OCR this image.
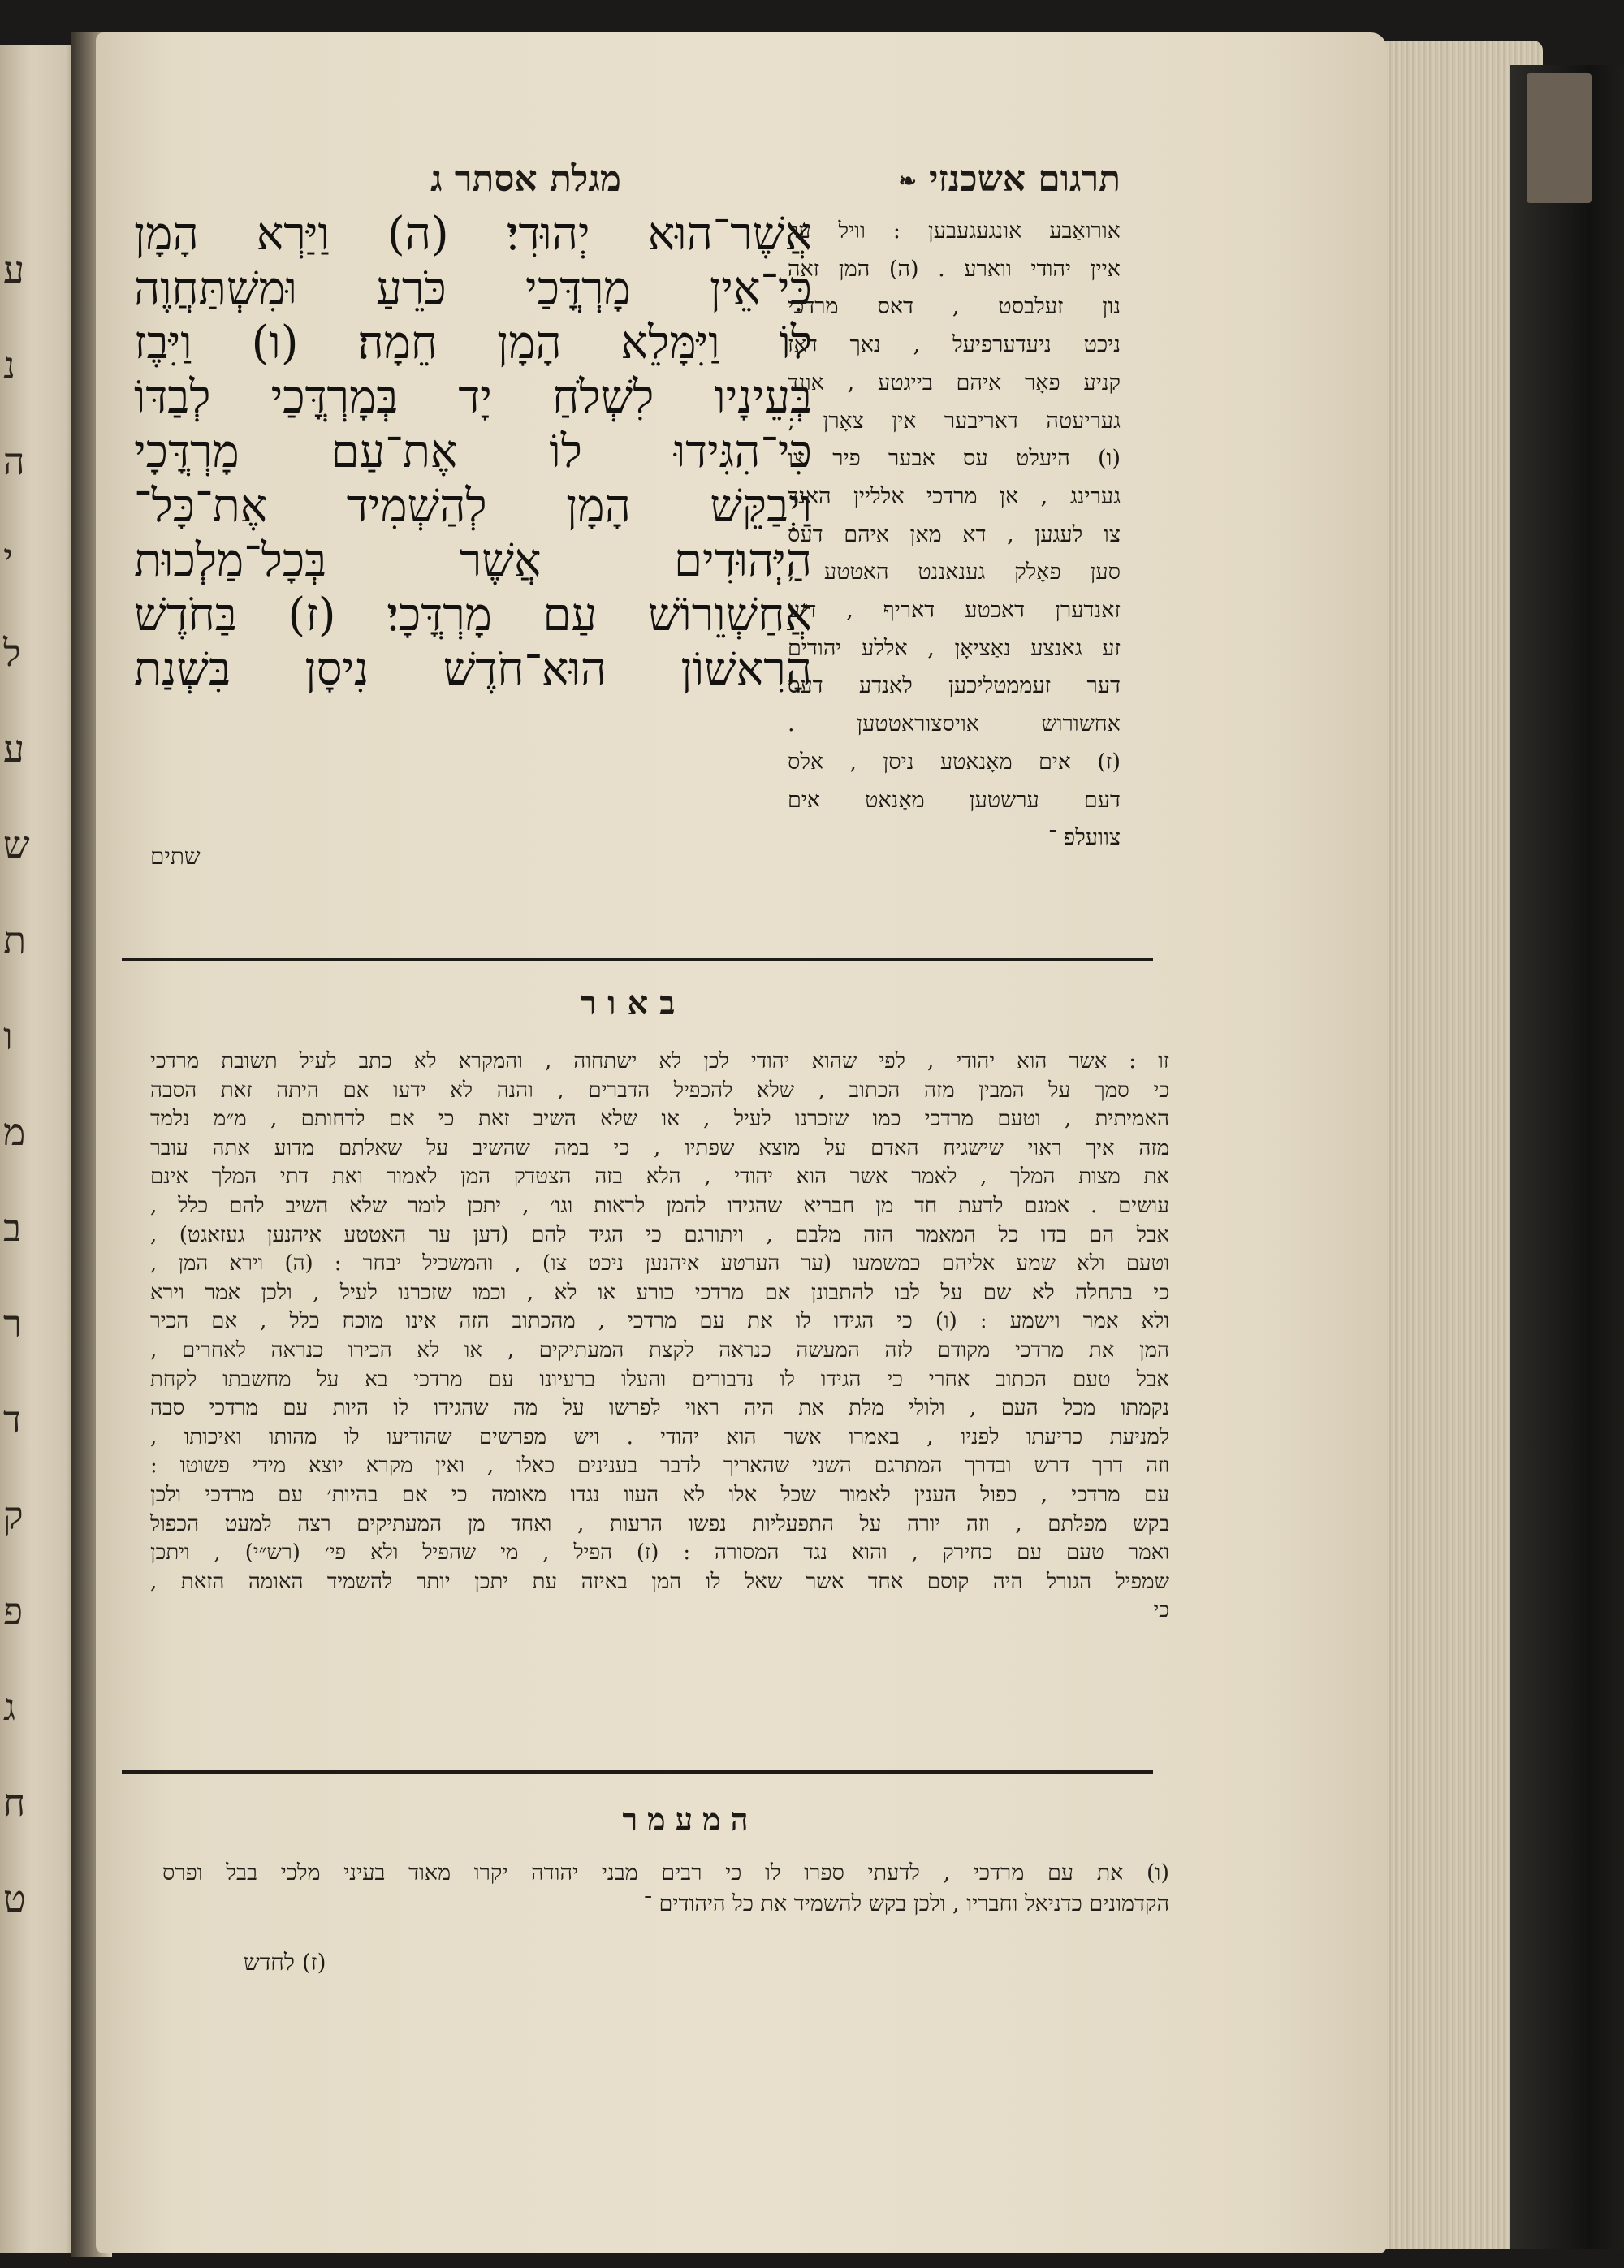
ע
נ
ה
י
ל
ע
ש
ת
ו
מ
ב
ר
ד
ק
פ
ג
ח
ט
מגלת אסתר ג	תרגום אשכנזי ❧
אֲשֶׁר־הוּא יְהוּדִי׃ (ה) וַיַּרְא הָמָן
כִּי־אֵין מָרְדֳּכַי כֹּרֵעַ וּמִשְׁתַּחֲוֶה
לוֹ וַיִּמָּלֵא הָמָן חֵמָה׃ (ו) וַיִּבֶז
בְּעֵינָיו לִשְׁלֹחַ יָד בְּמָרְדֳּכַי לְבַדּוֹ
כִּי־הִגִּידוּ לוֹ אֶת־עַם מָרְדֳּכָי
וַיְבַקֵּשׁ הָמָן לְהַשְׁמִיד אֶת־כָּל־
הַיְּהוּדִים אֲשֶׁר בְּכָל־מַלְכוּת
אֲחַשְׁוֵרוֹשׁ עַם מָרְדֳּכָי׃ (ז) בַּחֹדֶשׁ
הָרִאשׁוֹן הוּא־חֹדֶשׁ נִיסָן בִּשְׁנַת
שתים
אורואַבע אונגעגעבען : וויל ער
איין יהודי ווארע . (ה) המן זאה
נון זעלבסט , דאס מרדכי
ניכט ניעדערפיעל , נאך דאז
קניע פאָר איהם בייגטע , אונד
געריעטה דאריבער אין צאָרן ;
(ו) היעלט עס אבער פיר צו
גערינג , אן מרדכי אלליין האנד
צו לעגען , דא מאן איהם דעס
סען פאָלק גענאננט האטטע ;
זאנדערן דאכטע דאריף , דיע
זע גאנצע נאַציאָן , אללע יהודים
דער זעממטליכען לאנדע דעס
אחשורוש אויסצוראטטען .
(ז) אים מאָנאטע ניסן , אלס
דעם ערשטען מאָנאט אים
צוועלפ ־
באור
זו : אשר הוא יהודי , לפי שהוא יהודי לכן לא ישתחוה , והמקרא לא כתב לעיל תשובת מרדכי
כי סמך על המבין מזה הכתוב , שלא להכפיל הדברים , והנה לא ידעו אם היתה זאת הסבה
האמיתית , וטעם מרדכי כמו שזכרנו לעיל , או שלא השיב זאת כי אם לדחותם , מ״מ נלמד
מזה איך ראוי שישגיח האדם על מוצא שפתיו , כי במה שהשיב על שאלתם מדוע אתה עובר
את מצות המלך , לאמר אשר הוא יהודי , הלא בזה הצטדק המן לאמור ואת דתי המלך אינם
עושים . אמנם לדעת חד מן חבריא שהגידו להמן לראות וגו׳ , יתכן לומר שלא השיב להם כלל ,
אבל הם בדו כל המאמר הזה מלבם , ויתורגם כי הגיד להם (דען ער האטטע איהנען געזאגט) ,
וטעם ולא שמע אליהם כמשמעו (ער הערטע איהנען ניכט צו) , והמשכיל יבחר : (ה) וירא המן ,
כי בתחלה לא שם על לבו להתבונן אם מרדכי כורע או לא , וכמו שזכרנו לעיל , ולכן אמר וירא
ולא אמר וישמע : (ו) כי הגידו לו את עם מרדכי , מהכתוב הזה אינו מוכח כלל , אם הכיר
המן את מרדכי מקודם לזה המעשה כנראה לקצת המעתיקים , או לא הכירו כנראה לאחרים ,
אבל טעם הכתוב אחרי כי הגידו לו נדבורים והעלו ברעיונו עם מרדכי בא על מחשבתו לקחת
נקמתו מכל העם , ולולי מלת את היה ראוי לפרשו על מה שהגידו לו היות עם מרדכי סבה
למניעת כריעתו לפניו , באמרו אשר הוא יהודי . ויש מפרשים שהודיעו לו מהותו ואיכותו ,
וזה דרך דרש ובדרך המתרגם השני שהאריך לדבר בענינים כאלו , ואין מקרא יוצא מידי פשוטו :
עם מרדכי , כפול הענין לאמור שכל אלו לא העוו נגדו מאומה כי אם בהיות׳ עם מרדכי ולכן
בקש מפלתם , וזה יורה על התפעליות נפשו הרעות , ואחד מן המעתיקים רצה למעט הכפול
ואמר טעם עם כחירק , והוא נגד המסורה : (ז) הפיל , מי שהפיל ולא פי׳ (רש״י) , ויתכן
שמפיל הגורל היה קוסם אחד אשר שאל לו המן באיזה עת יתכן יותר להשמיד האומה הזאת ,
כי
המעמר
(ו) את עם מרדכי , לדעתי ספרו לו כי רבים מבני יהודה יקרו מאוד בעיני מלכי בבל ופרס
הקדמונים כדניאל וחבריו , ולכן בקש להשמיד את כל היהודים ־
(ז) לחדש
